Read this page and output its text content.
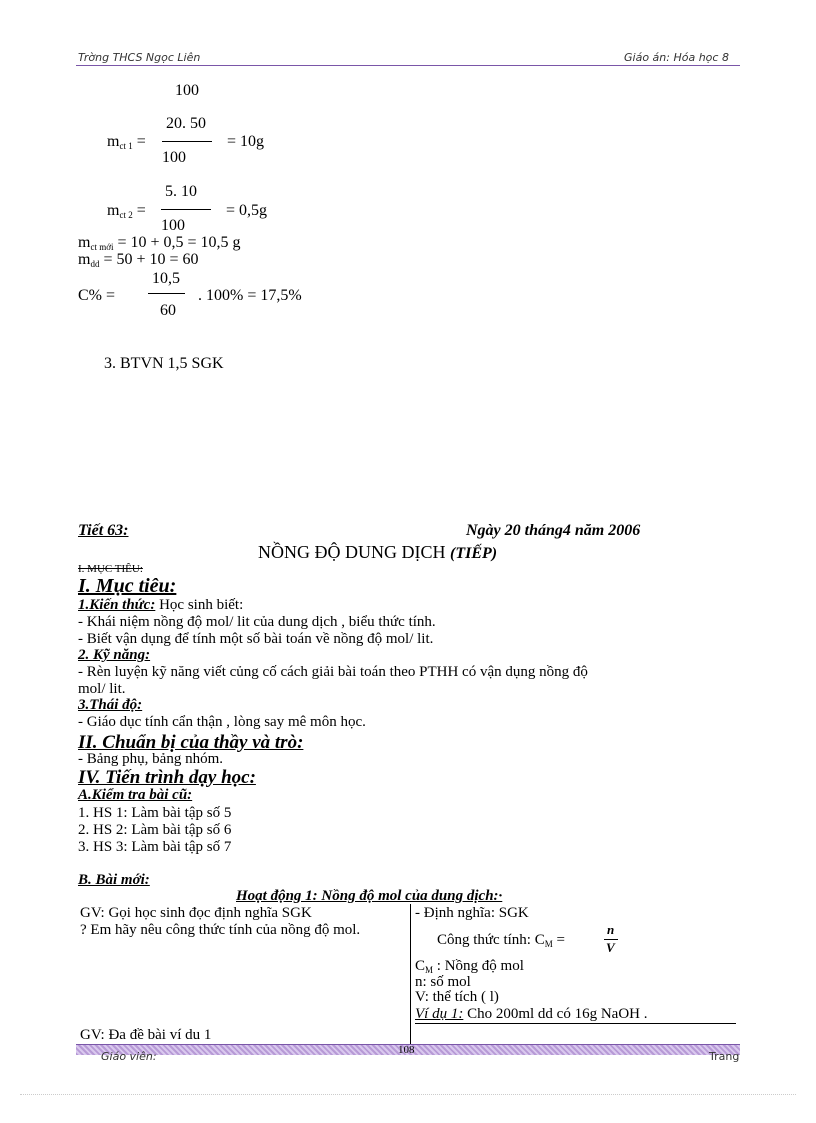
Trờng THCS Ngọc Liên	Giáo án: Hóa học 8
100
$m_{ct 1}$ =
20. 50
100
= 10g
$m_{ct 2}$ =
5. 10
100
= 0,5g
$m_{ct mới} = 10 + 0,5 = 10,5$ g
$m_{dd} = 50 + 10 = 60$
C% =
10,5
60
. 100% = 17,5%
3. BTVN 1,5 SGK
Tiết 63:	Ngày 20 tháng4 năm 2006
NỒNG ĐỘ DUNG DỊCH (TIẾP)
I. MỤC TIÊU:
I. Mục tiêu:
1.Kiến thức: Học sinh biết:
- Khái niệm nồng độ mol/ lit của dung dịch , biểu thức tính.
- Biết vận dụng để tính một số bài toán về nồng độ mol/ lit.
2. Kỹ năng:
- Rèn luyện kỹ năng viết củng cố cách giải bài toán theo PTHH có vận dụng nồng độ
mol/ lit.
3.Thái độ:
- Giáo dục tính cẩn thận , lòng say mê môn học.
II. Chuẩn bị của thầy và trò:
- Bảng phụ, bảng nhóm.
IV. Tiến trình dạy học:
A.Kiểm tra bài cũ:
1. HS 1: Làm bài tập số 5
2. HS 2: Làm bài tập số 6
3. HS 3: Làm bài tập số 7
B. Bài mới:
Hoạt động 1: Nồng độ mol của dung dịch:·
GV: Gọi học sinh đọc định nghĩa SGK
? Em hãy nêu công thức tính của nồng độ mol.
GV: Đa đề bài ví du 1

- Định nghĩa: SGK
Công thức tính: $C_M$ =
n
V
$C_M$ : Nồng độ mol
n: số mol
V: thể tích ( l)
Ví dụ 1: Cho 200ml dd có 16g NaOH .
Giáo viên:	108	Trang
